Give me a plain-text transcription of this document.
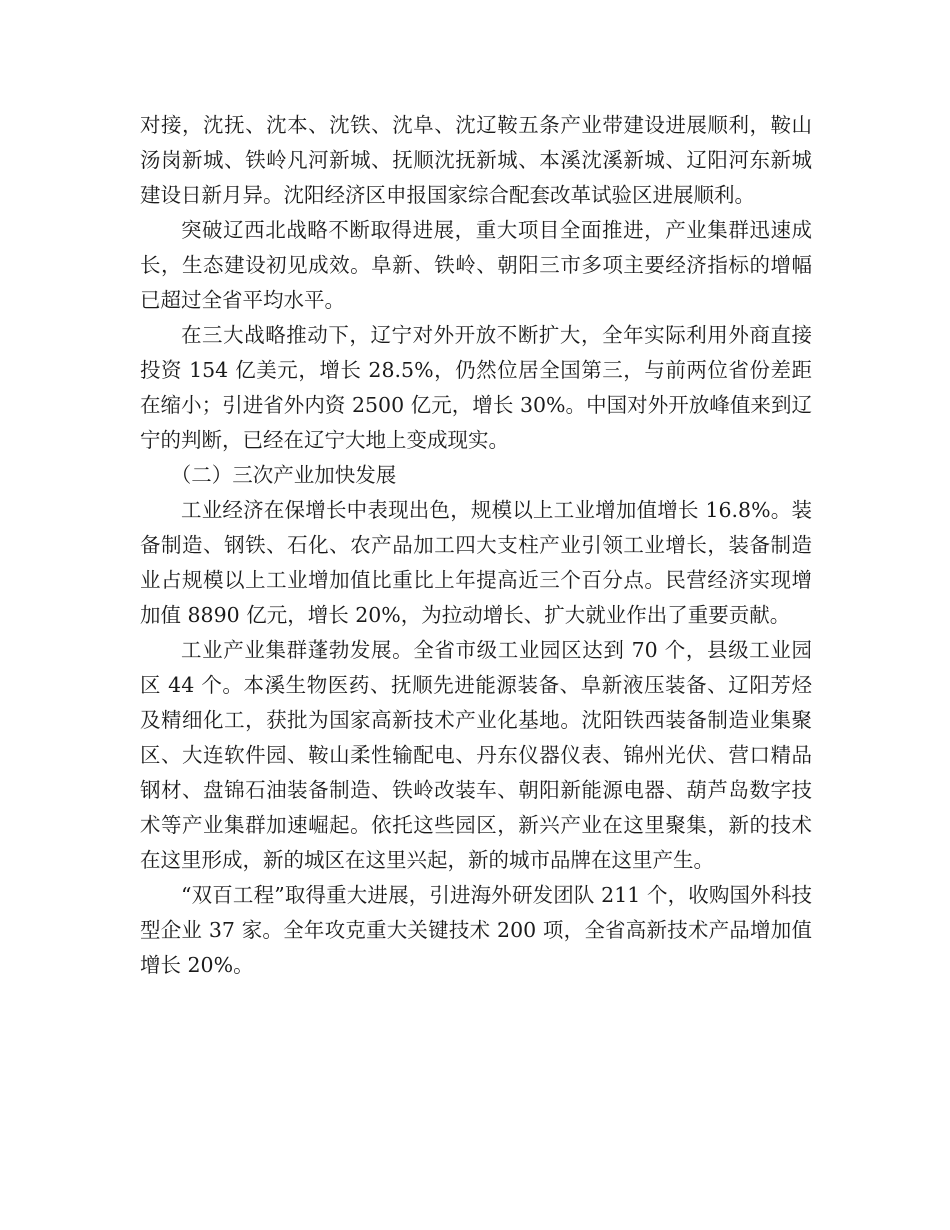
对接，沈抚、沈本、沈铁、沈阜、沈辽鞍五条产业带建设进展顺利，鞍山汤岗新城、铁岭凡河新城、抚顺沈抚新城、本溪沈溪新城、辽阳河东新城建设日新月异。沈阳经济区申报国家综合配套改革试验区进展顺利。

突破辽西北战略不断取得进展，重大项目全面推进，产业集群迅速成长，生态建设初见成效。阜新、铁岭、朝阳三市多项主要经济指标的增幅已超过全省平均水平。

在三大战略推动下，辽宁对外开放不断扩大，全年实际利用外商直接投资 154 亿美元，增长 28.5%，仍然位居全国第三，与前两位省份差距在缩小；引进省外内资 2500 亿元，增长 30%。中国对外开放峰值来到辽宁的判断，已经在辽宁大地上变成现实。

（二）三次产业加快发展

工业经济在保增长中表现出色，规模以上工业增加值增长 16.8%。装备制造、钢铁、石化、农产品加工四大支柱产业引领工业增长，装备制造业占规模以上工业增加值比重比上年提高近三个百分点。民营经济实现增加值 8890 亿元，增长 20%，为拉动增长、扩大就业作出了重要贡献。

工业产业集群蓬勃发展。全省市级工业园区达到 70 个，县级工业园区 44 个。本溪生物医药、抚顺先进能源装备、阜新液压装备、辽阳芳烃及精细化工，获批为国家高新技术产业化基地。沈阳铁西装备制造业集聚区、大连软件园、鞍山柔性输配电、丹东仪器仪表、锦州光伏、营口精品钢材、盘锦石油装备制造、铁岭改装车、朝阳新能源电器、葫芦岛数字技术等产业集群加速崛起。依托这些园区，新兴产业在这里聚集，新的技术在这里形成，新的城区在这里兴起，新的城市品牌在这里产生。

“双百工程”取得重大进展，引进海外研发团队 211 个，收购国外科技型企业 37 家。全年攻克重大关键技术 200 项，全省高新技术产品增加值增长 20%。
